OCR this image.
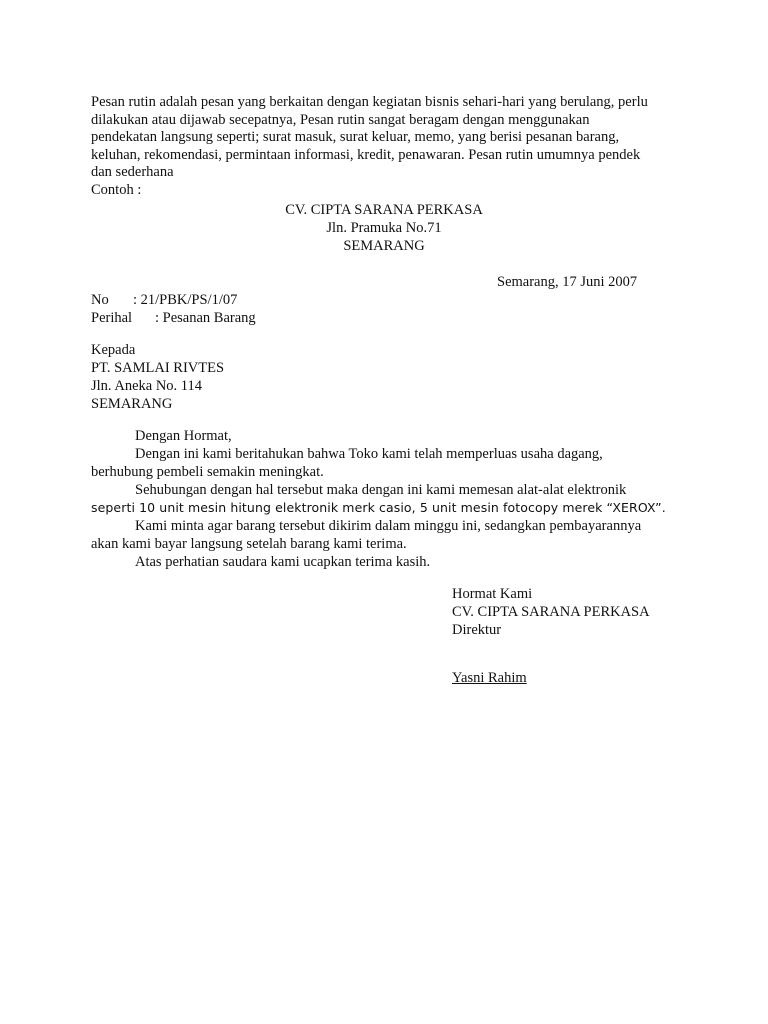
Pesan rutin adalah pesan yang berkaitan dengan kegiatan bisnis sehari-hari yang berulang, perlu

dilakukan atau dijawab secepatnya, Pesan rutin sangat beragam dengan menggunakan

pendekatan langsung seperti; surat masuk, surat keluar, memo, yang berisi pesanan barang,

keluhan, rekomendasi, permintaan informasi, kredit, penawaran. Pesan rutin umumnya pendek

dan sederhana

Contoh :

CV. CIPTA SARANA PERKASA
Jln. Pramuka No.71
SEMARANG
Semarang, 17 Juni 2007
No : 21/PBK/PS/1/07
Perihal : Pesanan Barang
Kepada
PT. SAMLAI RIVTES
Jln. Aneka No. 114
SEMARANG
Dengan Hormat,
Dengan ini kami beritahukan bahwa Toko kami telah memperluas usaha dagang,
berhubung pembeli semakin meningkat.
Sehubungan dengan hal tersebut maka dengan ini kami memesan alat-alat elektronik
seperti 10 unit mesin hitung elektronik merk casio, 5 unit mesin fotocopy merek “XEROX”.
Kami minta agar barang tersebut dikirim dalam minggu ini, sedangkan pembayarannya
akan kami bayar langsung setelah barang kami terima.
Atas perhatian saudara kami ucapkan terima kasih.
Hormat Kami
CV. CIPTA SARANA PERKASA
Direktur
Yasni Rahim
